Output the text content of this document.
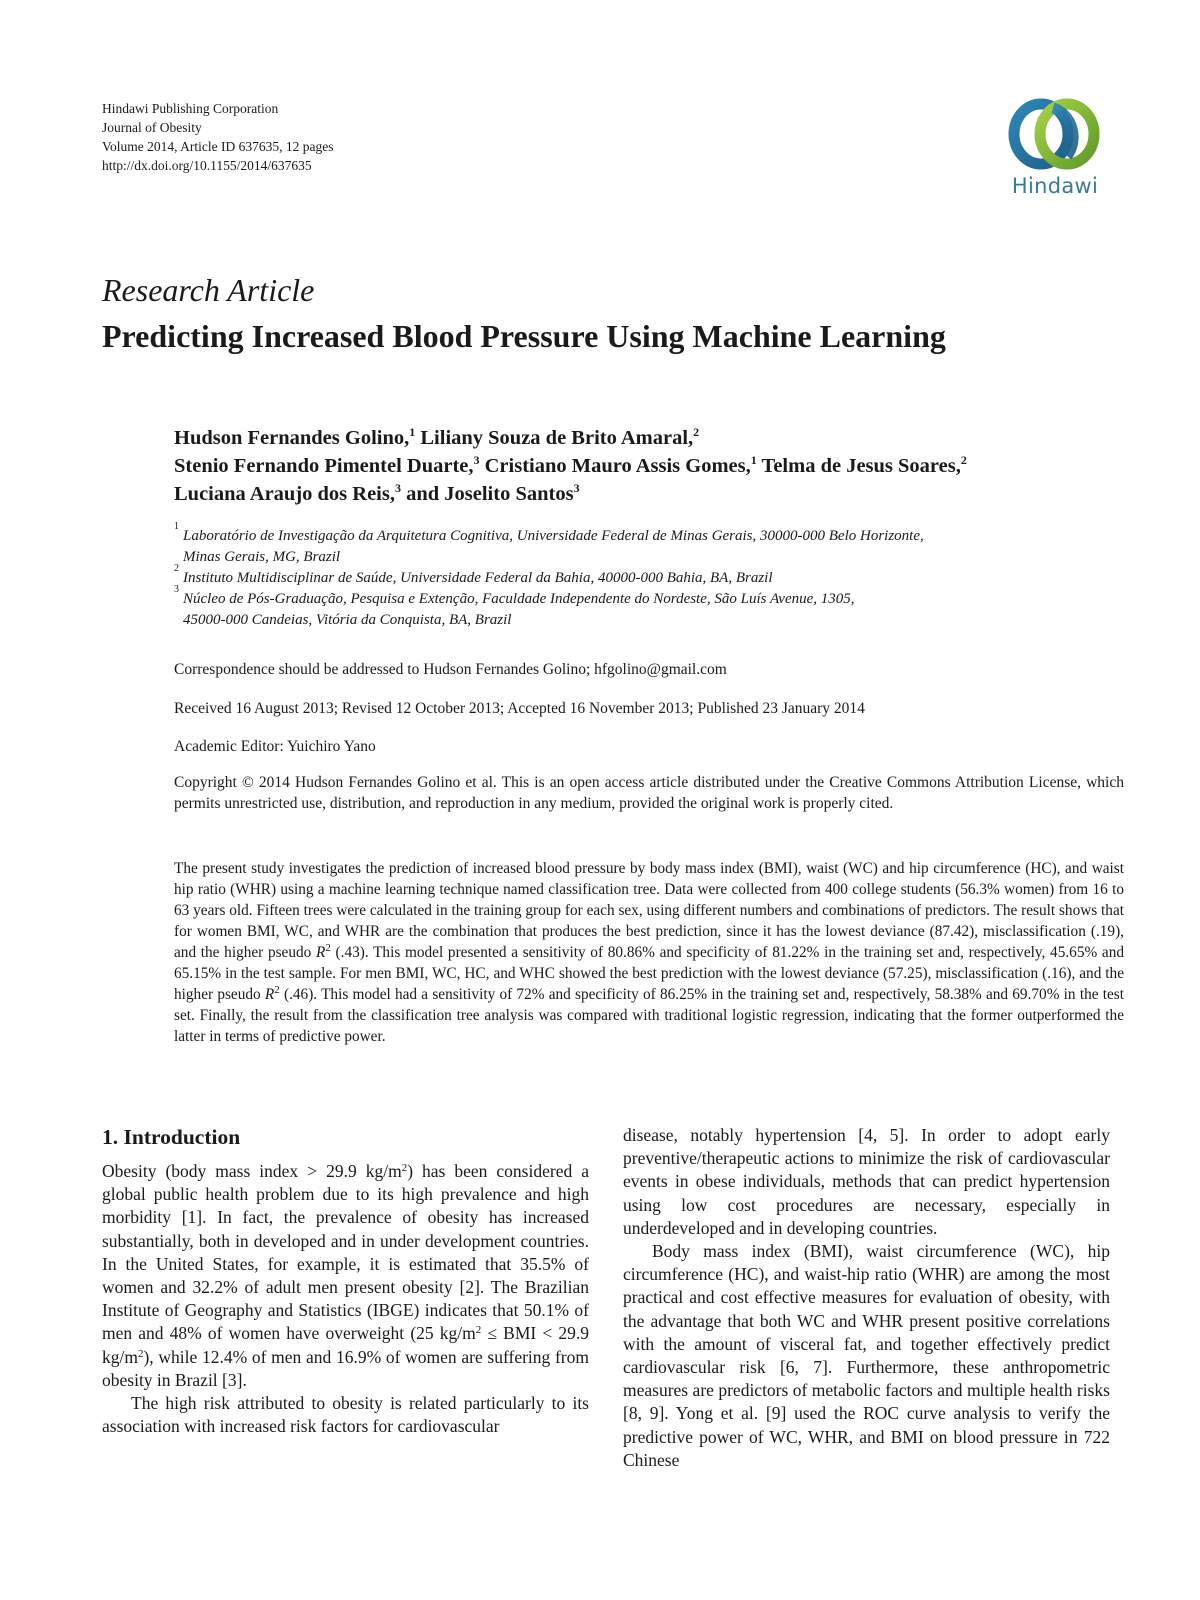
Hindawi Publishing Corporation
Journal of Obesity
Volume 2014, Article ID 637635, 12 pages
http://dx.doi.org/10.1155/2014/637635
Hindawi
Research Article
Predicting Increased Blood Pressure Using Machine Learning
Hudson Fernandes Golino,$^1$ Liliany Souza de Brito Amaral,$^2$
Stenio Fernando Pimentel Duarte,$^3$ Cristiano Mauro Assis Gomes,$^1$ Telma de Jesus Soares,$^2$
Luciana Araujo dos Reis,$^3$ and Joselito Santos$^3$
1
Laboratório de Investigação da Arquitetura Cognitiva, Universidade Federal de Minas Gerais, 30000-000 Belo Horizonte,
Minas Gerais, MG, Brazil
2
Instituto Multidisciplinar de Saúde, Universidade Federal da Bahia, 40000-000 Bahia, BA, Brazil
3
Núcleo de Pós-Graduação, Pesquisa e Extenção, Faculdade Independente do Nordeste, São Luís Avenue, 1305,
45000-000 Candeias, Vitória da Conquista, BA, Brazil
Correspondence should be addressed to Hudson Fernandes Golino; hfgolino@gmail.com
Received 16 August 2013; Revised 12 October 2013; Accepted 16 November 2013; Published 23 January 2014
Academic Editor: Yuichiro Yano
Copyright © 2014 Hudson Fernandes Golino et al. This is an open access article distributed under the Creative Commons Attribution License, which permits unrestricted use, distribution, and reproduction in any medium, provided the original work is properly cited.
The present study investigates the prediction of increased blood pressure by body mass index (BMI), waist (WC) and hip circumference (HC), and waist hip ratio (WHR) using a machine learning technique named classification tree. Data were collected from 400 college students (56.3% women) from 16 to 63 years old. Fifteen trees were calculated in the training group for each sex, using different numbers and combinations of predictors. The result shows that for women BMI, WC, and WHR are the combination that produces the best prediction, since it has the lowest deviance (87.42), misclassification (.19), and the higher pseudo $R^2$ (.43). This model presented a sensitivity of 80.86% and specificity of 81.22% in the training set and, respectively, 45.65% and 65.15% in the test sample. For men BMI, WC, HC, and WHC showed the best prediction with the lowest deviance (57.25), misclassification (.16), and the higher pseudo $R^2$ (.46). This model had a sensitivity of 72% and specificity of 86.25% in the training set and, respectively, 58.38% and 69.70% in the test set. Finally, the result from the classification tree analysis was compared with traditional logistic regression, indicating that the former outperformed the latter in terms of predictive power.
1. Introduction

Obesity (body mass index > 29.9 $kg/m^2$) has been considered a global public health problem due to its high prevalence and high morbidity [1]. In fact, the prevalence of obesity has increased substantially, both in developed and in under development countries. In the United States, for example, it is estimated that 35.5% of women and 32.2% of adult men present obesity [2]. The Brazilian Institute of Geography and Statistics (IBGE) indicates that 50.1% of men and 48% of women have overweight (25 $kg/m^2$ ≤ BMI < 29.9 $kg/m^2$), while 12.4% of men and 16.9% of women are suffering from obesity in Brazil [3].

The high risk attributed to obesity is related particularly to its association with increased risk factors for cardiovascular

disease, notably hypertension [4, 5]. In order to adopt early preventive/therapeutic actions to minimize the risk of cardiovascular events in obese individuals, methods that can predict hypertension using low cost procedures are necessary, especially in underdeveloped and in developing countries.

Body mass index (BMI), waist circumference (WC), hip circumference (HC), and waist-hip ratio (WHR) are among the most practical and cost effective measures for evaluation of obesity, with the advantage that both WC and WHR present positive correlations with the amount of visceral fat, and together effectively predict cardiovascular risk [6, 7]. Furthermore, these anthropometric measures are predictors of metabolic factors and multiple health risks [8, 9]. Yong et al. [9] used the ROC curve analysis to verify the predictive power of WC, WHR, and BMI on blood pressure in 722 Chinese
